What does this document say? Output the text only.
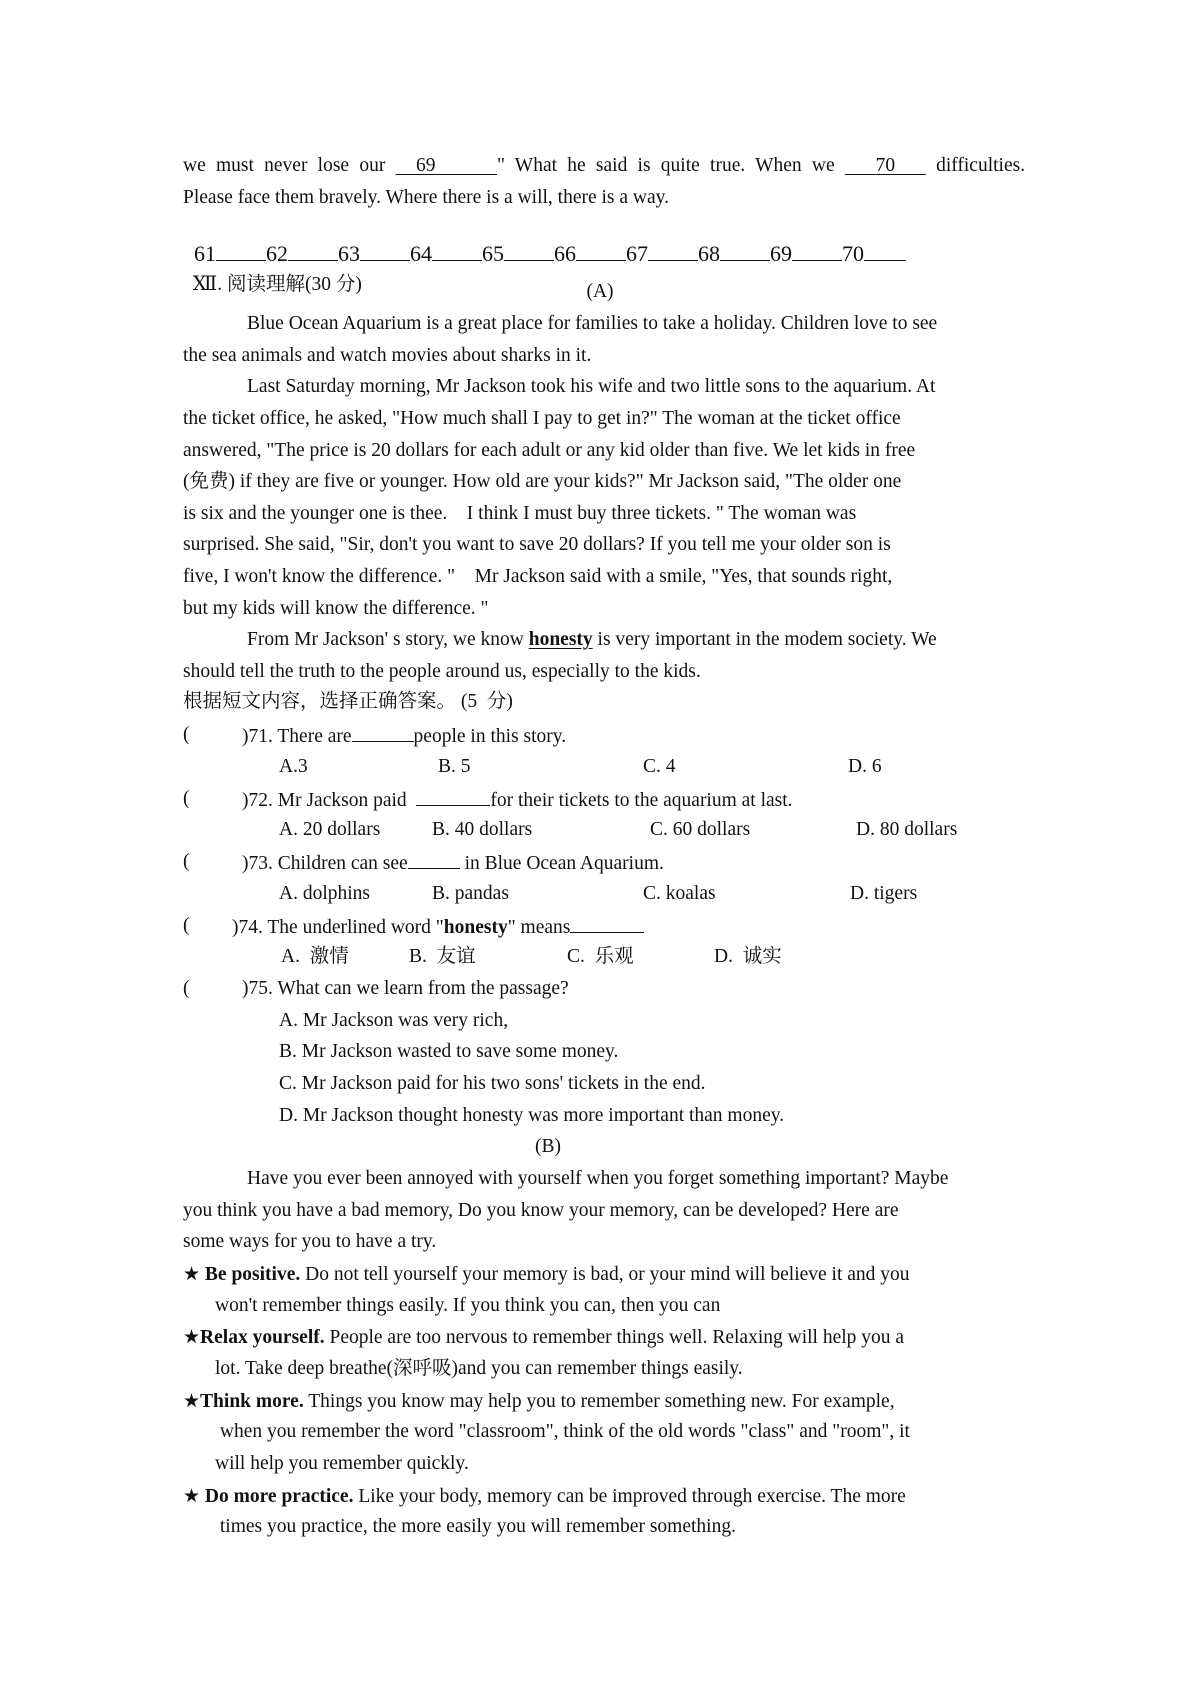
we must never lose our 69	" What he said is quite true. When we 70 difficulties.
Please face them bravely. Where there is a will, there is a way.

61 62 63 64 65 66 67 68 69 70

Ⅻ. 阅读理解(30 分)	(A)
Blue Ocean Aquarium is a great place for families to take a holiday. Children love to see
the sea animals and watch movies about sharks in it.
Last Saturday morning, Mr Jackson took his wife and two little sons to the aquarium. At
the ticket office, he asked, "How much shall I pay to get in?" The woman at the ticket office
answered, "The price is 20 dollars for each adult or any kid older than five. We let kids in free
(免费) if they are five or younger. How old are your kids?" Mr Jackson said, "The older one
is six and the younger one is thee.    I think I must buy three tickets. " The woman was
surprised. She said, "Sir, don't you want to save 20 dollars? If you tell me your older son is
five, I won't know the difference. "    Mr Jackson said with a smile, "Yes, that sounds right,
but my kids will know the difference. "
From Mr Jackson' s story, we know honesty is very important in the modem society. We
should tell the truth to the people around us, especially to the kids.
根据短文内容，选择正确答案。 (5  分)
(	)71. There are	people in this story.
A.3	B. 5	C. 4	D. 6
(	)72. Mr Jackson paid	for their tickets to the aquarium at last.
A. 20 dollars	B. 40 dollars	C. 60 dollars	D. 80 dollars
(	)73. Children can see	in Blue Ocean Aquarium.
A. dolphins	B. pandas	C. koalas	D. tigers
( )74. The underlined word "honesty" means
A.  激情	B.  友谊	C.  乐观	D.  诚实
(	)75. What can we learn from the passage?
A. Mr Jackson was very rich,
B. Mr Jackson wasted to save some money.
C. Mr Jackson paid for his two sons' tickets in the end.
D. Mr Jackson thought honesty was more important than money.
(B)
Have you ever been annoyed with yourself when you forget something important? Maybe
you think you have a bad memory, Do you know your memory, can be developed? Here are
some ways for you to have a try.
★ Be positive. Do not tell yourself your memory is bad, or your mind will believe it and you
won't remember things easily. If you think you can, then you can
★Relax yourself. People are too nervous to remember things well. Relaxing will help you a
lot. Take deep breathe(深呼吸)and you can remember things easily.
★Think more. Things you know may help you to remember something new. For example,
when you remember the word "classroom", think of the old words "class" and "room", it
will help you remember quickly.
★ Do more practice. Like your body, memory can be improved through exercise. The more
times you practice, the more easily you will remember something.
